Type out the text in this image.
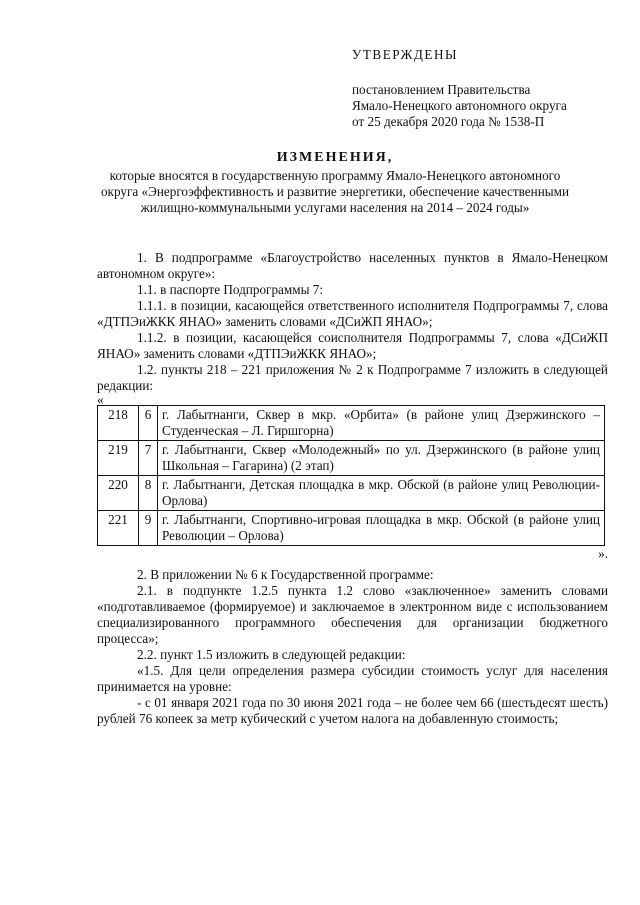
УТВЕРЖДЕНЫ
постановлением Правительства
Ямало-Ненецкого автономного округа
от 25 декабря 2020 года № 1538-П
ИЗМЕНЕНИЯ,
которые вносятся в государственную программу Ямало-Ненецкого автономного округа «Энергоэффективность и развитие энергетики, обеспечение качественными жилищно-коммунальными услугами населения на 2014 – 2024 годы»

1. В подпрограмме «Благоустройство населенных пунктов в Ямало-Ненецком автономном округе»:

1.1. в паспорте Подпрограммы 7:

1.1.1. в позиции, касающейся ответственного исполнителя Подпрограммы 7, слова «ДТПЭиЖКК ЯНАО» заменить словами «ДСиЖП ЯНАО»;

1.1.2. в позиции, касающейся соисполнителя Подпрограммы 7, слова «ДСиЖП ЯНАО» заменить словами «ДТПЭиЖКК ЯНАО»;

1.2. пункты 218 – 221 приложения № 2 к Подпрограмме 7 изложить в следующей редакции:

«
218	6	г. Лабытнанги, Сквер в мкр. «Орбита» (в районе улиц Дзержинского – Студенческая – Л. Гиршгорна)
219	7	г. Лабытнанги, Сквер «Молодежный» по ул. Дзержинского (в районе улиц Школьная – Гагарина) (2 этап)
220	8	г. Лабытнанги, Детская площадка в мкр. Обской (в районе улиц Революции-Орлова)
221	9	г. Лабытнанги, Спортивно-игровая площадка в мкр. Обской (в районе улиц Революции – Орлова)
».

2. В приложении № 6 к Государственной программе:

2.1. в подпункте 1.2.5 пункта 1.2 слово «заключенное» заменить словами «подготавливаемое (формируемое) и заключаемое в электронном виде с использованием специализированного программного обеспечения для организации бюджетного процесса»;

2.2. пункт 1.5 изложить в следующей редакции:

«1.5. Для цели определения размера субсидии стоимость услуг для населения принимается на уровне:

- с 01 января 2021 года по 30 июня 2021 года – не более чем 66 (шестьдесят шесть) рублей 76 копеек за метр кубический с учетом налога на добавленную стоимость;
